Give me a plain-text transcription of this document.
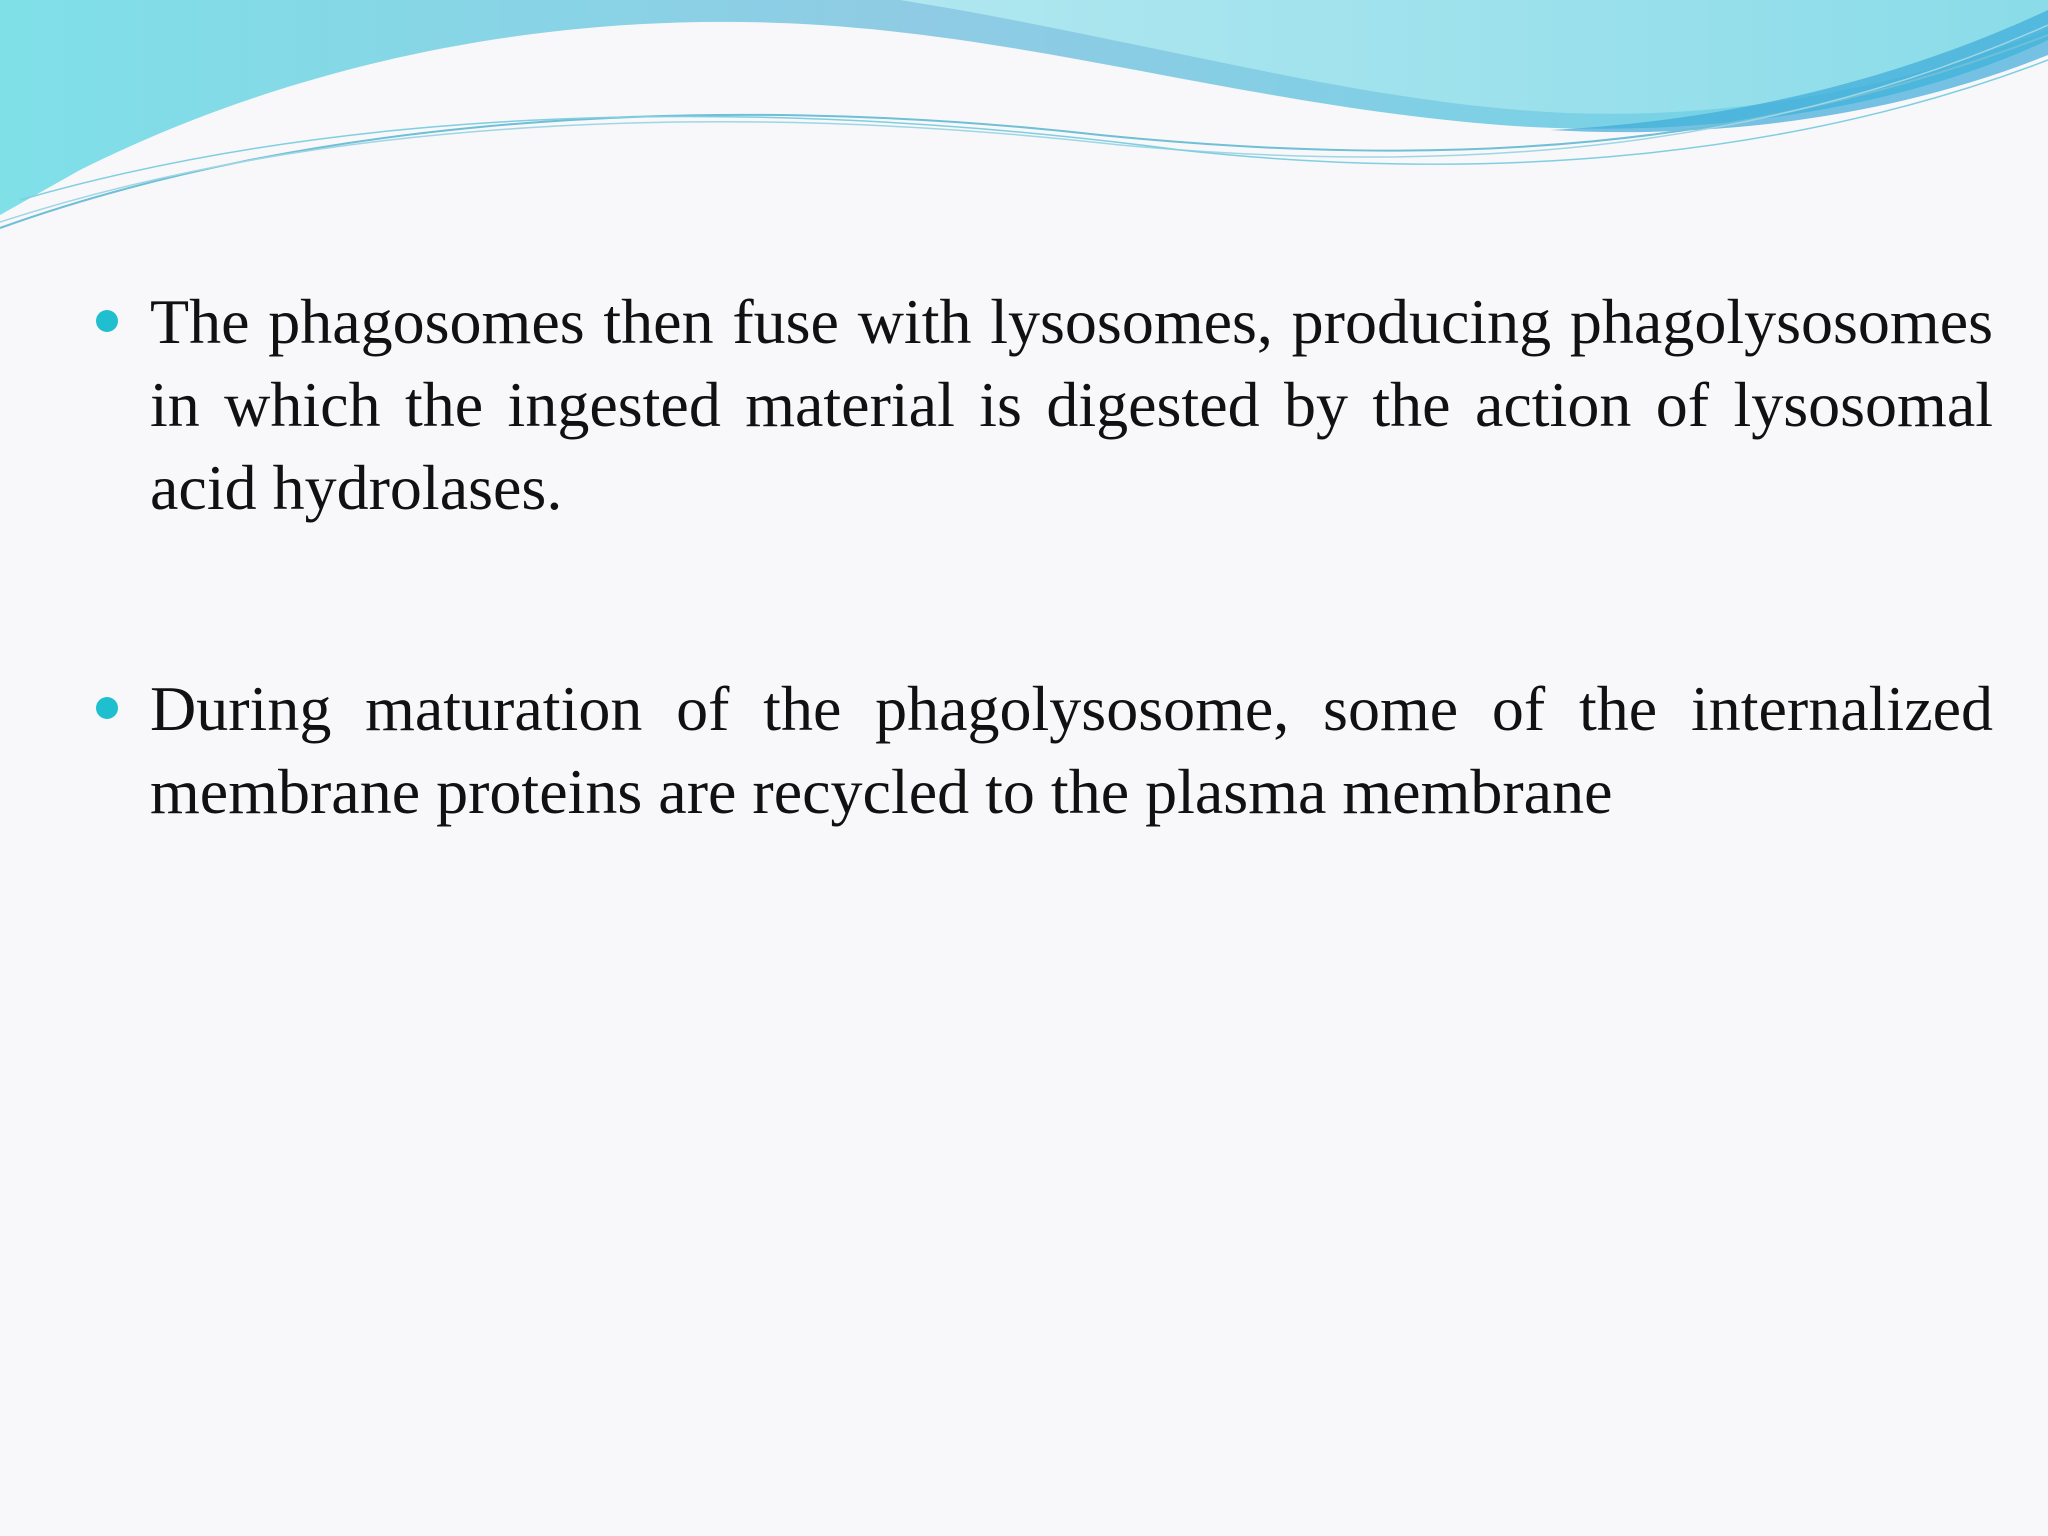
The phagosomes then fuse with lysosomes, producing phagolysosomes in which the ingested material is digested by the action of lysosomal acid hydrolases.
During maturation of the phagolysosome, some of the internalized membrane proteins are recycled to the plasma membrane
